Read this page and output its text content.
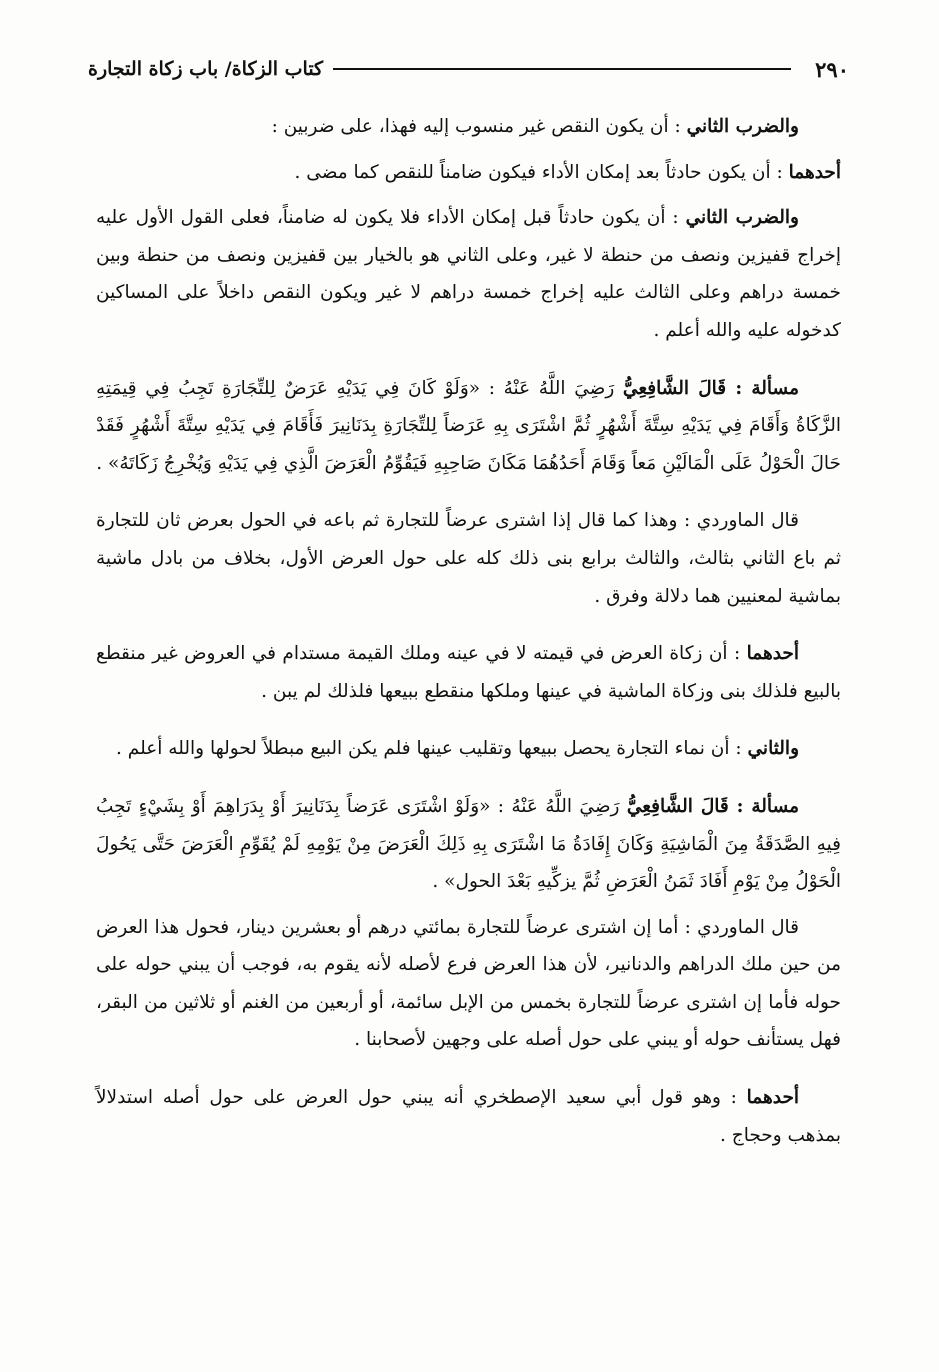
٢٩٠
كتاب الزكاة/ باب زكاة التجارة

والضرب الثاني : أن يكون النقص غير منسوب إليه فهذا، على ضربين :

أحدهما : أن يكون حادثاً بعد إمكان الأداء فيكون ضامناً للنقص كما مضى .

والضرب الثاني : أن يكون حادثاً قبل إمكان الأداء فلا يكون له ضامناً، فعلى القول الأول عليه إخراج قفيزين ونصف من حنطة لا غير، وعلى الثاني هو بالخيار بين قفيزين ونصف من حنطة وبين خمسة دراهم وعلى الثالث عليه إخراج خمسة دراهم لا غير ويكون النقص داخلاً على المساكين كدخوله عليه والله أعلم .

مسألة : قَالَ الشَّافِعِيُّ رَضِيَ اللَّهُ عَنْهُ : «وَلَوْ كَانَ فِي يَدَيْهِ عَرَضٌ لِلتِّجَارَةِ تَجِبُ فِي قِيمَتِهِ الزَّكَاةُ وَأَقَامَ فِي يَدَيْهِ سِتَّةَ أَشْهُرٍ ثُمَّ اشْتَرَى بِهِ عَرَضاً لِلتِّجَارَةِ بِدَنَانِيرَ فَأَقَامَ فِي يَدَيْهِ سِتَّةَ أَشْهُرٍ فَقَدْ حَالَ الْحَوْلُ عَلَى الْمَالَيْنِ مَعاً وَقَامَ أَحَدُهُمَا مَكَانَ صَاحِبِهِ فَيَقُوِّمُ الْعَرَضَ الَّذِي فِي يَدَيْهِ وَيُخْرِجُ زَكَاتَهُ» .

قال الماوردي : وهذا كما قال إذا اشترى عرضاً للتجارة ثم باعه في الحول بعرض ثان للتجارة ثم باع الثاني بثالث، والثالث برابع بنى ذلك كله على حول العرض الأول، بخلاف من بادل ماشية بماشية لمعنيين هما دلالة وفرق .

أحدهما : أن زكاة العرض في قيمته لا في عينه وملك القيمة مستدام في العروض غير منقطع بالبيع فلذلك بنى وزكاة الماشية في عينها وملكها منقطع ببيعها فلذلك لم يبن .

والثاني : أن نماء التجارة يحصل ببيعها وتقليب عينها فلم يكن البيع مبطلاً لحولها والله أعلم .

مسألة : قَالَ الشَّافِعِيُّ رَضِيَ اللَّهُ عَنْهُ : «وَلَوْ اشْتَرَى عَرَضاً بِدَنَانِيرَ أَوْ بِدَرَاهِمَ أَوْ بِشَيْءٍ تَجِبُ فِيهِ الصَّدَقَةُ مِنَ الْمَاشِيَةِ وَكَانَ إِفَادَةُ مَا اشْتَرَى بِهِ ذَلِكَ الْعَرَضَ مِنْ يَوْمِهِ لَمْ يُقَوِّمِ الْعَرَضَ حَتَّى يَحُولَ الْحَوْلُ مِنْ يَوْمِ أَفَادَ ثَمَنُ الْعَرَضِ ثُمَّ يزكِّيهِ بَعْدَ الحول» .

قال الماوردي : أما إن اشترى عرضاً للتجارة بمائتي درهم أو بعشرين دينار، فحول هذا العرض من حين ملك الدراهم والدنانير، لأن هذا العرض فرع لأصله لأنه يقوم به، فوجب أن يبني حوله على حوله فأما إن اشترى عرضاً للتجارة بخمس من الإبل سائمة، أو أربعين من الغنم أو ثلاثين من البقر، فهل يستأنف حوله أو يبني على حول أصله على وجهين لأصحابنا .

أحدهما : وهو قول أبي سعيد الإصطخري أنه يبني حول العرض على حول أصله استدلالاً بمذهب وحجاج .
